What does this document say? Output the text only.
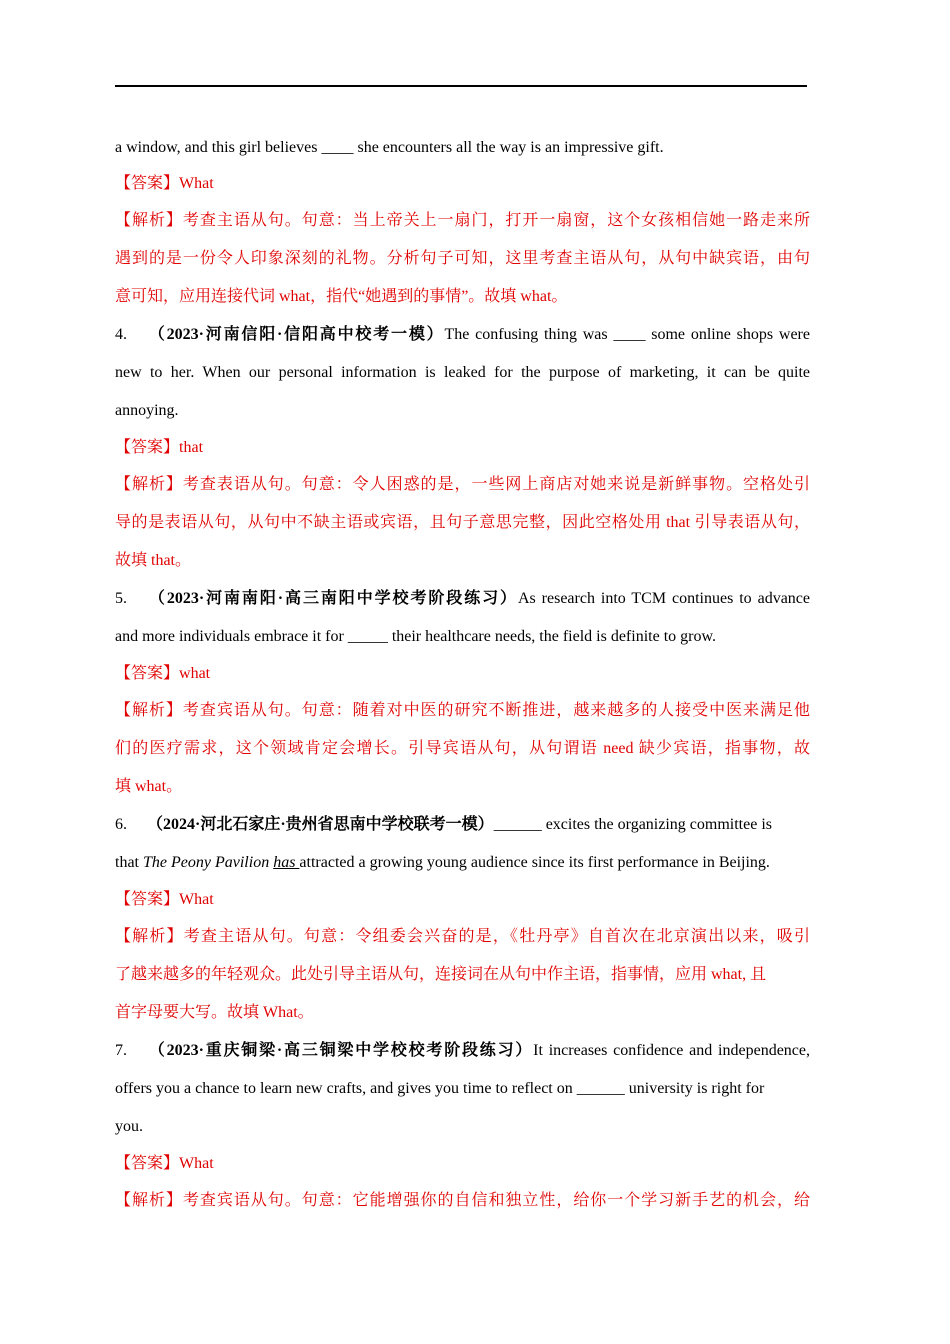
a window, and this girl believes ____ she encounters all the way is an impressive gift.
【答案】What
【解析】考查主语从句。句意：当上帝关上一扇门，打开一扇窗，这个女孩相信她一路走来所
遇到的是一份令人印象深刻的礼物。分析句子可知，这里考查主语从句，从句中缺宾语，由句
意可知，应用连接代词 what，指代“她遇到的事情”。故填 what。
4. （2023·河南信阳·信阳高中校考一模）The confusing thing was ____ some online shops were
new to her. When our personal information is leaked for the purpose of marketing, it can be quite
annoying.
【答案】that
【解析】考查表语从句。句意：令人困惑的是，一些网上商店对她来说是新鲜事物。空格处引
导的是表语从句，从句中不缺主语或宾语，且句子意思完整，因此空格处用 that 引导表语从句，
故填 that。
5. （2023·河南南阳·高三南阳中学校考阶段练习）As research into TCM continues to advance
and more individuals embrace it for _____ their healthcare needs, the field is definite to grow.
【答案】what
【解析】考查宾语从句。句意：随着对中医的研究不断推进，越来越多的人接受中医来满足他
们的医疗需求，这个领域肯定会增长。引导宾语从句，从句谓语 need 缺少宾语，指事物，故
填 what。
6. （2024·河北石家庄·贵州省思南中学校联考一模）______ excites the organizing committee is
that The Peony Pavilion has attracted a growing young audience since its first performance in Beijing.
【答案】What
【解析】考查主语从句。句意：令组委会兴奋的是，《牡丹亭》自首次在北京演出以来，吸引
了越来越多的年轻观众。此处引导主语从句，连接词在从句中作主语，指事情，应用 what, 且
首字母要大写。故填 What。
7. （2023·重庆铜梁·高三铜梁中学校校考阶段练习）It increases confidence and independence,
offers you a chance to learn new crafts, and gives you time to reflect on ______ university is right for
you.
【答案】What
【解析】考查宾语从句。句意：它能增强你的自信和独立性，给你一个学习新手艺的机会，给
